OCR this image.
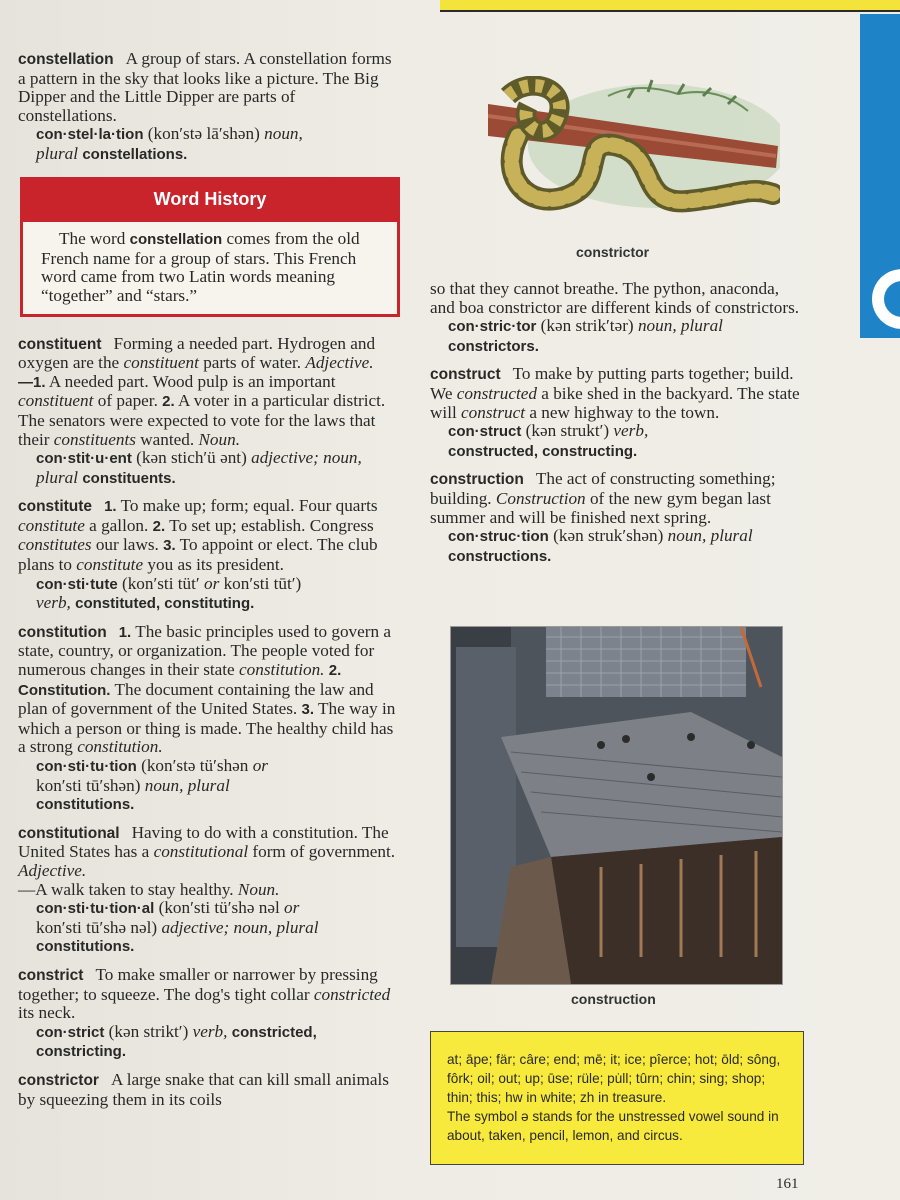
constellation A group of stars. A constellation forms a pattern in the sky that looks like a picture. The Big Dipper and the Little Dipper are parts of constellations.
con·stel·la·tion (kon′stə lā′shən) noun,
plural constellations.
Word History
The word constellation comes from the old French name for a group of stars. This French word came from two Latin words meaning “together” and “stars.”
constituent Forming a needed part. Hydrogen and oxygen are the constituent parts of water. Adjective.
—1. A needed part. Wood pulp is an important constituent of paper. 2. A voter in a particular district. The senators were expected to vote for the laws that their constituents wanted. Noun.
con·stit·u·ent (kən stich′ü ənt) adjective; noun, plural constituents.
constitute 1. To make up; form; equal. Four quarts constitute a gallon. 2. To set up; establish. Congress constitutes our laws. 3. To appoint or elect. The club plans to constitute you as its president.
con·sti·tute (kon′sti tüt′ or kon′sti tūt′)
verb, constituted, constituting.
constitution 1. The basic principles used to govern a state, country, or organization. The people voted for numerous changes in their state constitution. 2. Constitution. The document containing the law and plan of government of the United States. 3. The way in which a person or thing is made. The healthy child has a strong constitution.
con·sti·tu·tion (kon′stə tü′shən or
kon′sti tū′shən) noun, plural
constitutions.
constitutional Having to do with a constitution. The United States has a constitutional form of government. Adjective.
—A walk taken to stay healthy. Noun.
con·sti·tu·tion·al (kon′sti tü′shə nəl or
kon′sti tū′shə nəl) adjective; noun, plural
constitutions.
constrict To make smaller or narrower by pressing together; to squeeze. The dog's tight collar constricted its neck.
con·strict (kən strikt′) verb, constricted, constricting.
constrictor A large snake that can kill small animals by squeezing them in its coils
constrictor
so that they cannot breathe. The python, anaconda, and boa constrictor are different kinds of constrictors.
con·stric·tor (kən strik′tər) noun, plural
constrictors.
construct To make by putting parts together; build. We constructed a bike shed in the backyard. The state will construct a new highway to the town.
con·struct (kən strukt′) verb,
constructed, constructing.
construction The act of constructing something; building. Construction of the new gym began last summer and will be finished next spring.
con·struc·tion (kən struk′shən) noun, plural constructions.
construction
at; āpe; fär; câre; end; mē; it; ice; pîerce; hot; ōld; sông, fôrk; oil; out; up; ūse; rüle; pu̇ll; tûrn; chin; sing; shop; thin; this; hw in white; zh in treasure.
The symbol ə stands for the unstressed vowel sound in about, taken, pencil, lemon, and circus.
161
